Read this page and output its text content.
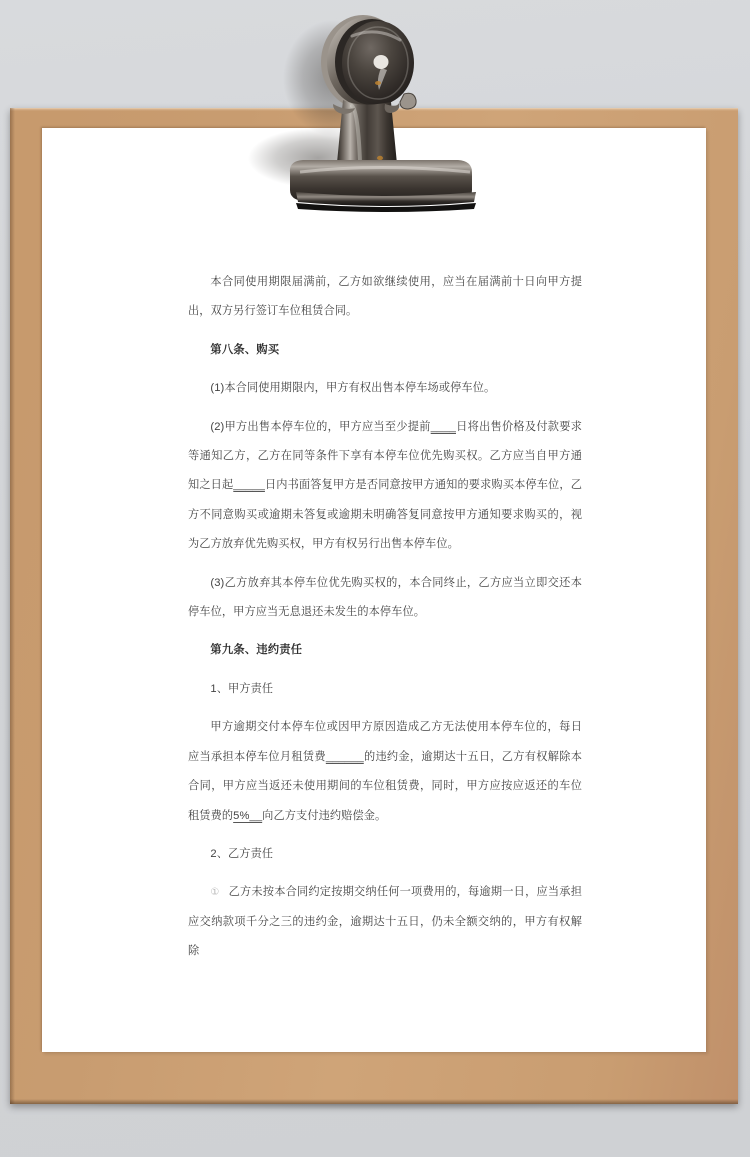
本合同使用期限届满前，乙方如欲继续使用，应当在届满前十日向甲方提出，双方另行签订车位租赁合同。

第八条、购买

(1)本合同使用期限内，甲方有权出售本停车场或停车位。

(2)甲方出售本停车位的，甲方应当至少提前____日将出售价格及付款要求等通知乙方，乙方在同等条件下享有本停车位优先购买权。乙方应当自甲方通知之日起_____日内书面答复甲方是否同意按甲方通知的要求购买本停车位，乙方不同意购买或逾期未答复或逾期未明确答复同意按甲方通知要求购买的，视为乙方放弃优先购买权，甲方有权另行出售本停车位。

(3)乙方放弃其本停车位优先购买权的，本合同终止，乙方应当立即交还本停车位，甲方应当无息退还未发生的本停车位。

第九条、违约责任

1、甲方责任

甲方逾期交付本停车位或因甲方原因造成乙方无法使用本停车位的，每日应当承担本停车位月租赁费______的违约金，逾期达十五日，乙方有权解除本合同，甲方应当返还未使用期间的车位租赁费，同时，甲方应按应返还的车位租赁费的5%__向乙方支付违约赔偿金。

2、乙方责任

① 乙方未按本合同约定按期交纳任何一项费用的，每逾期一日，应当承担应交纳款项千分之三的违约金，逾期达十五日，仍未全额交纳的，甲方有权解除
